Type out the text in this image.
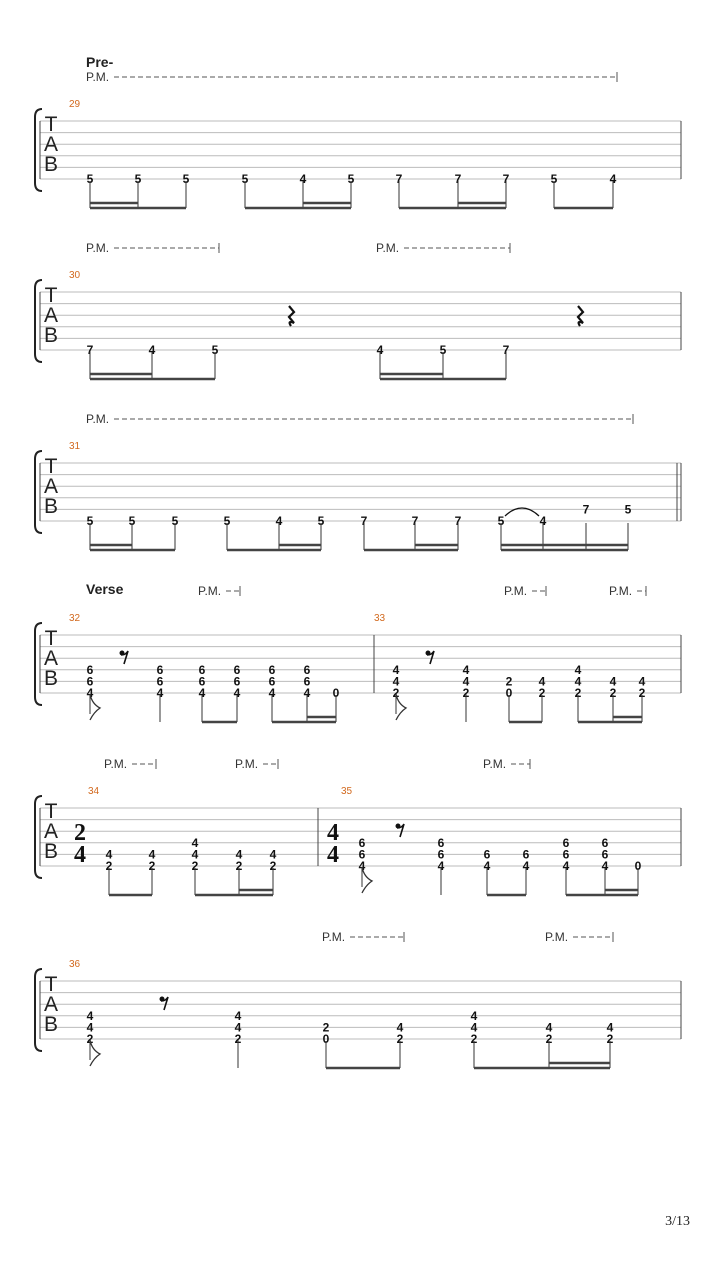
Pre-
P.M.
T
A
B
29
5	5	5	5	4	5	7	7	7	5	4
P.M.	P.M.
T
A
B
30
7	4	5	4	5	7
P.M.
T
A
B
31
5	5	5	5	4	5	7	7	7	5	4
7	5
Verse	P.M.	P.M.	P.M.
T
A
B
32	33
6
6
4
6
6
4
6
6
4
6
6
4
6
6
4
6
6
4 0
4
4
2
4
4
2
2
0
4
2
4
4
2
4
2
4
2
P.M.	P.M.	P.M.
T
A
B
34	35
2
4
4
4
4
2
4
2
4
4
2
4
2
4
2
6
6
4
6
6
4
6
4
6
4
6
6
4
6
6
4 0
P.M.	P.M.
T
A
B
36
4
4
2
4
4
2
2
0
4
2
4
4
2
4
2
4
2
3/13
